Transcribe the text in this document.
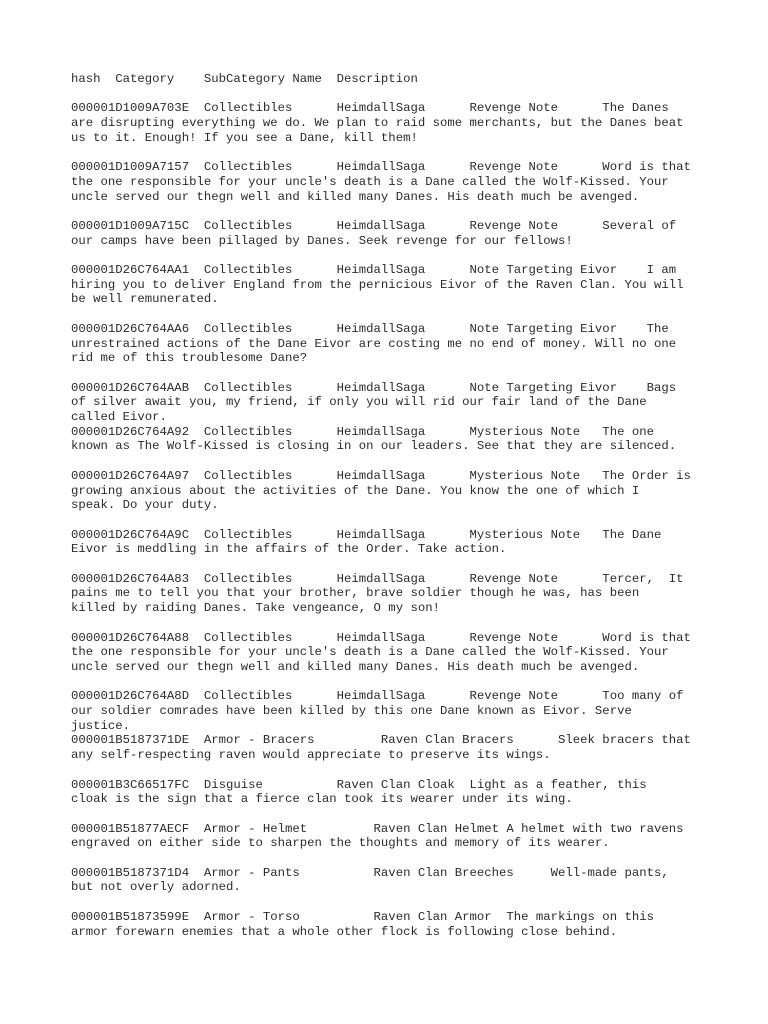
hash  Category    SubCategory Name  Description
000001D1009A703E  Collectibles      HeimdallSaga      Revenge Note      The Danes
are disrupting everything we do. We plan to raid some merchants, but the Danes beat
us to it. Enough! If you see a Dane, kill them!
000001D1009A7157  Collectibles      HeimdallSaga      Revenge Note      Word is that
the one responsible for your uncle's death is a Dane called the Wolf-Kissed. Your
uncle served our thegn well and killed many Danes. His death much be avenged.
000001D1009A715C  Collectibles      HeimdallSaga      Revenge Note      Several of
our camps have been pillaged by Danes. Seek revenge for our fellows!
000001D26C764AA1  Collectibles      HeimdallSaga      Note Targeting Eivor    I am
hiring you to deliver England from the pernicious Eivor of the Raven Clan. You will
be well remunerated.
000001D26C764AA6  Collectibles      HeimdallSaga      Note Targeting Eivor    The
unrestrained actions of the Dane Eivor are costing me no end of money. Will no one
rid me of this troublesome Dane?
000001D26C764AAB  Collectibles      HeimdallSaga      Note Targeting Eivor    Bags
of silver await you, my friend, if only you will rid our fair land of the Dane
called Eivor.
000001D26C764A92  Collectibles      HeimdallSaga      Mysterious Note   The one
known as The Wolf-Kissed is closing in on our leaders. See that they are silenced.
000001D26C764A97  Collectibles      HeimdallSaga      Mysterious Note   The Order is
growing anxious about the activities of the Dane. You know the one of which I
speak. Do your duty.
000001D26C764A9C  Collectibles      HeimdallSaga      Mysterious Note   The Dane
Eivor is meddling in the affairs of the Order. Take action.
000001D26C764A83  Collectibles      HeimdallSaga      Revenge Note      Tercer,  It
pains me to tell you that your brother, brave soldier though he was, has been
killed by raiding Danes. Take vengeance, O my son!
000001D26C764A88  Collectibles      HeimdallSaga      Revenge Note      Word is that
the one responsible for your uncle's death is a Dane called the Wolf-Kissed. Your
uncle served our thegn well and killed many Danes. His death much be avenged.
000001D26C764A8D  Collectibles      HeimdallSaga      Revenge Note      Too many of
our soldier comrades have been killed by this one Dane known as Eivor. Serve
justice.
000001B5187371DE  Armor - Bracers         Raven Clan Bracers      Sleek bracers that
any self-respecting raven would appreciate to preserve its wings.
000001B3C66517FC  Disguise          Raven Clan Cloak  Light as a feather, this
cloak is the sign that a fierce clan took its wearer under its wing.
000001B51877AECF  Armor - Helmet         Raven Clan Helmet A helmet with two ravens
engraved on either side to sharpen the thoughts and memory of its wearer.
000001B5187371D4  Armor - Pants          Raven Clan Breeches     Well-made pants,
but not overly adorned.
000001B51873599E  Armor - Torso          Raven Clan Armor  The markings on this
armor forewarn enemies that a whole other flock is following close behind.
